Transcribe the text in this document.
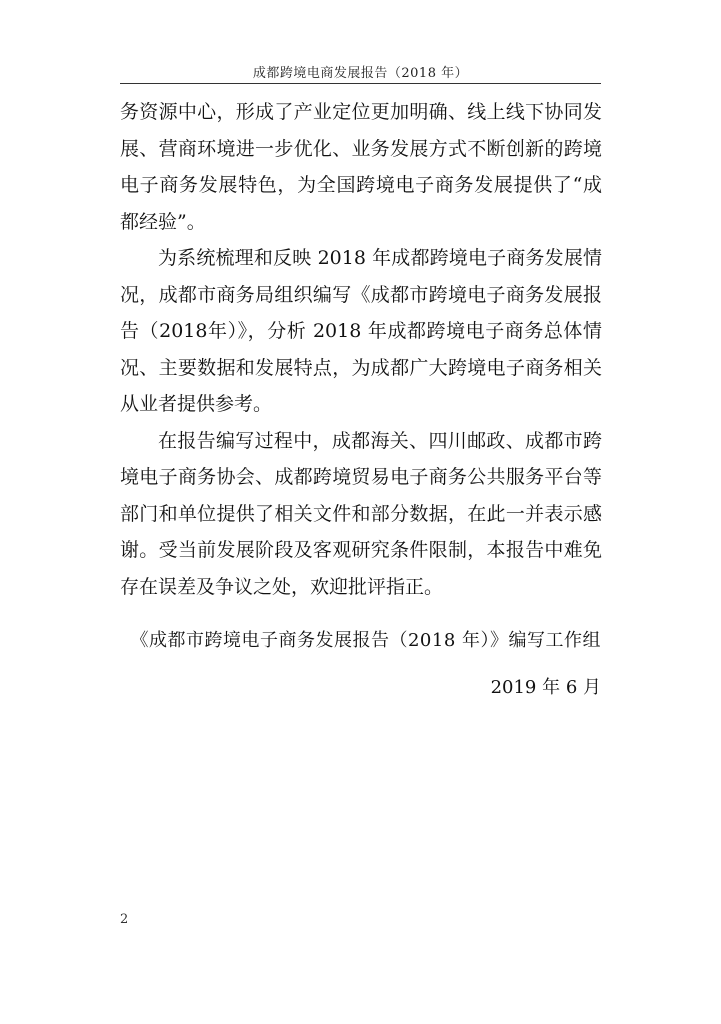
成都跨境电商发展报告（2018 年）

务资源中心，形成了产业定位更加明确、线上线下协同发展、营商环境进一步优化、业务发展方式不断创新的跨境电子商务发展特色，为全国跨境电子商务发展提供了“成都经验”。

为系统梳理和反映 2018 年成都跨境电子商务发展情况，成都市商务局组织编写《成都市跨境电子商务发展报告（2018年）》，分析 2018 年成都跨境电子商务总体情况、主要数据和发展特点，为成都广大跨境电子商务相关从业者提供参考。

在报告编写过程中，成都海关、四川邮政、成都市跨境电子商务协会、成都跨境贸易电子商务公共服务平台等部门和单位提供了相关文件和部分数据，在此一并表示感谢。受当前发展阶段及客观研究条件限制，本报告中难免存在误差及争议之处，欢迎批评指正。

《成都市跨境电子商务发展报告（2018 年）》编写工作组
2019 年 6 月
2
